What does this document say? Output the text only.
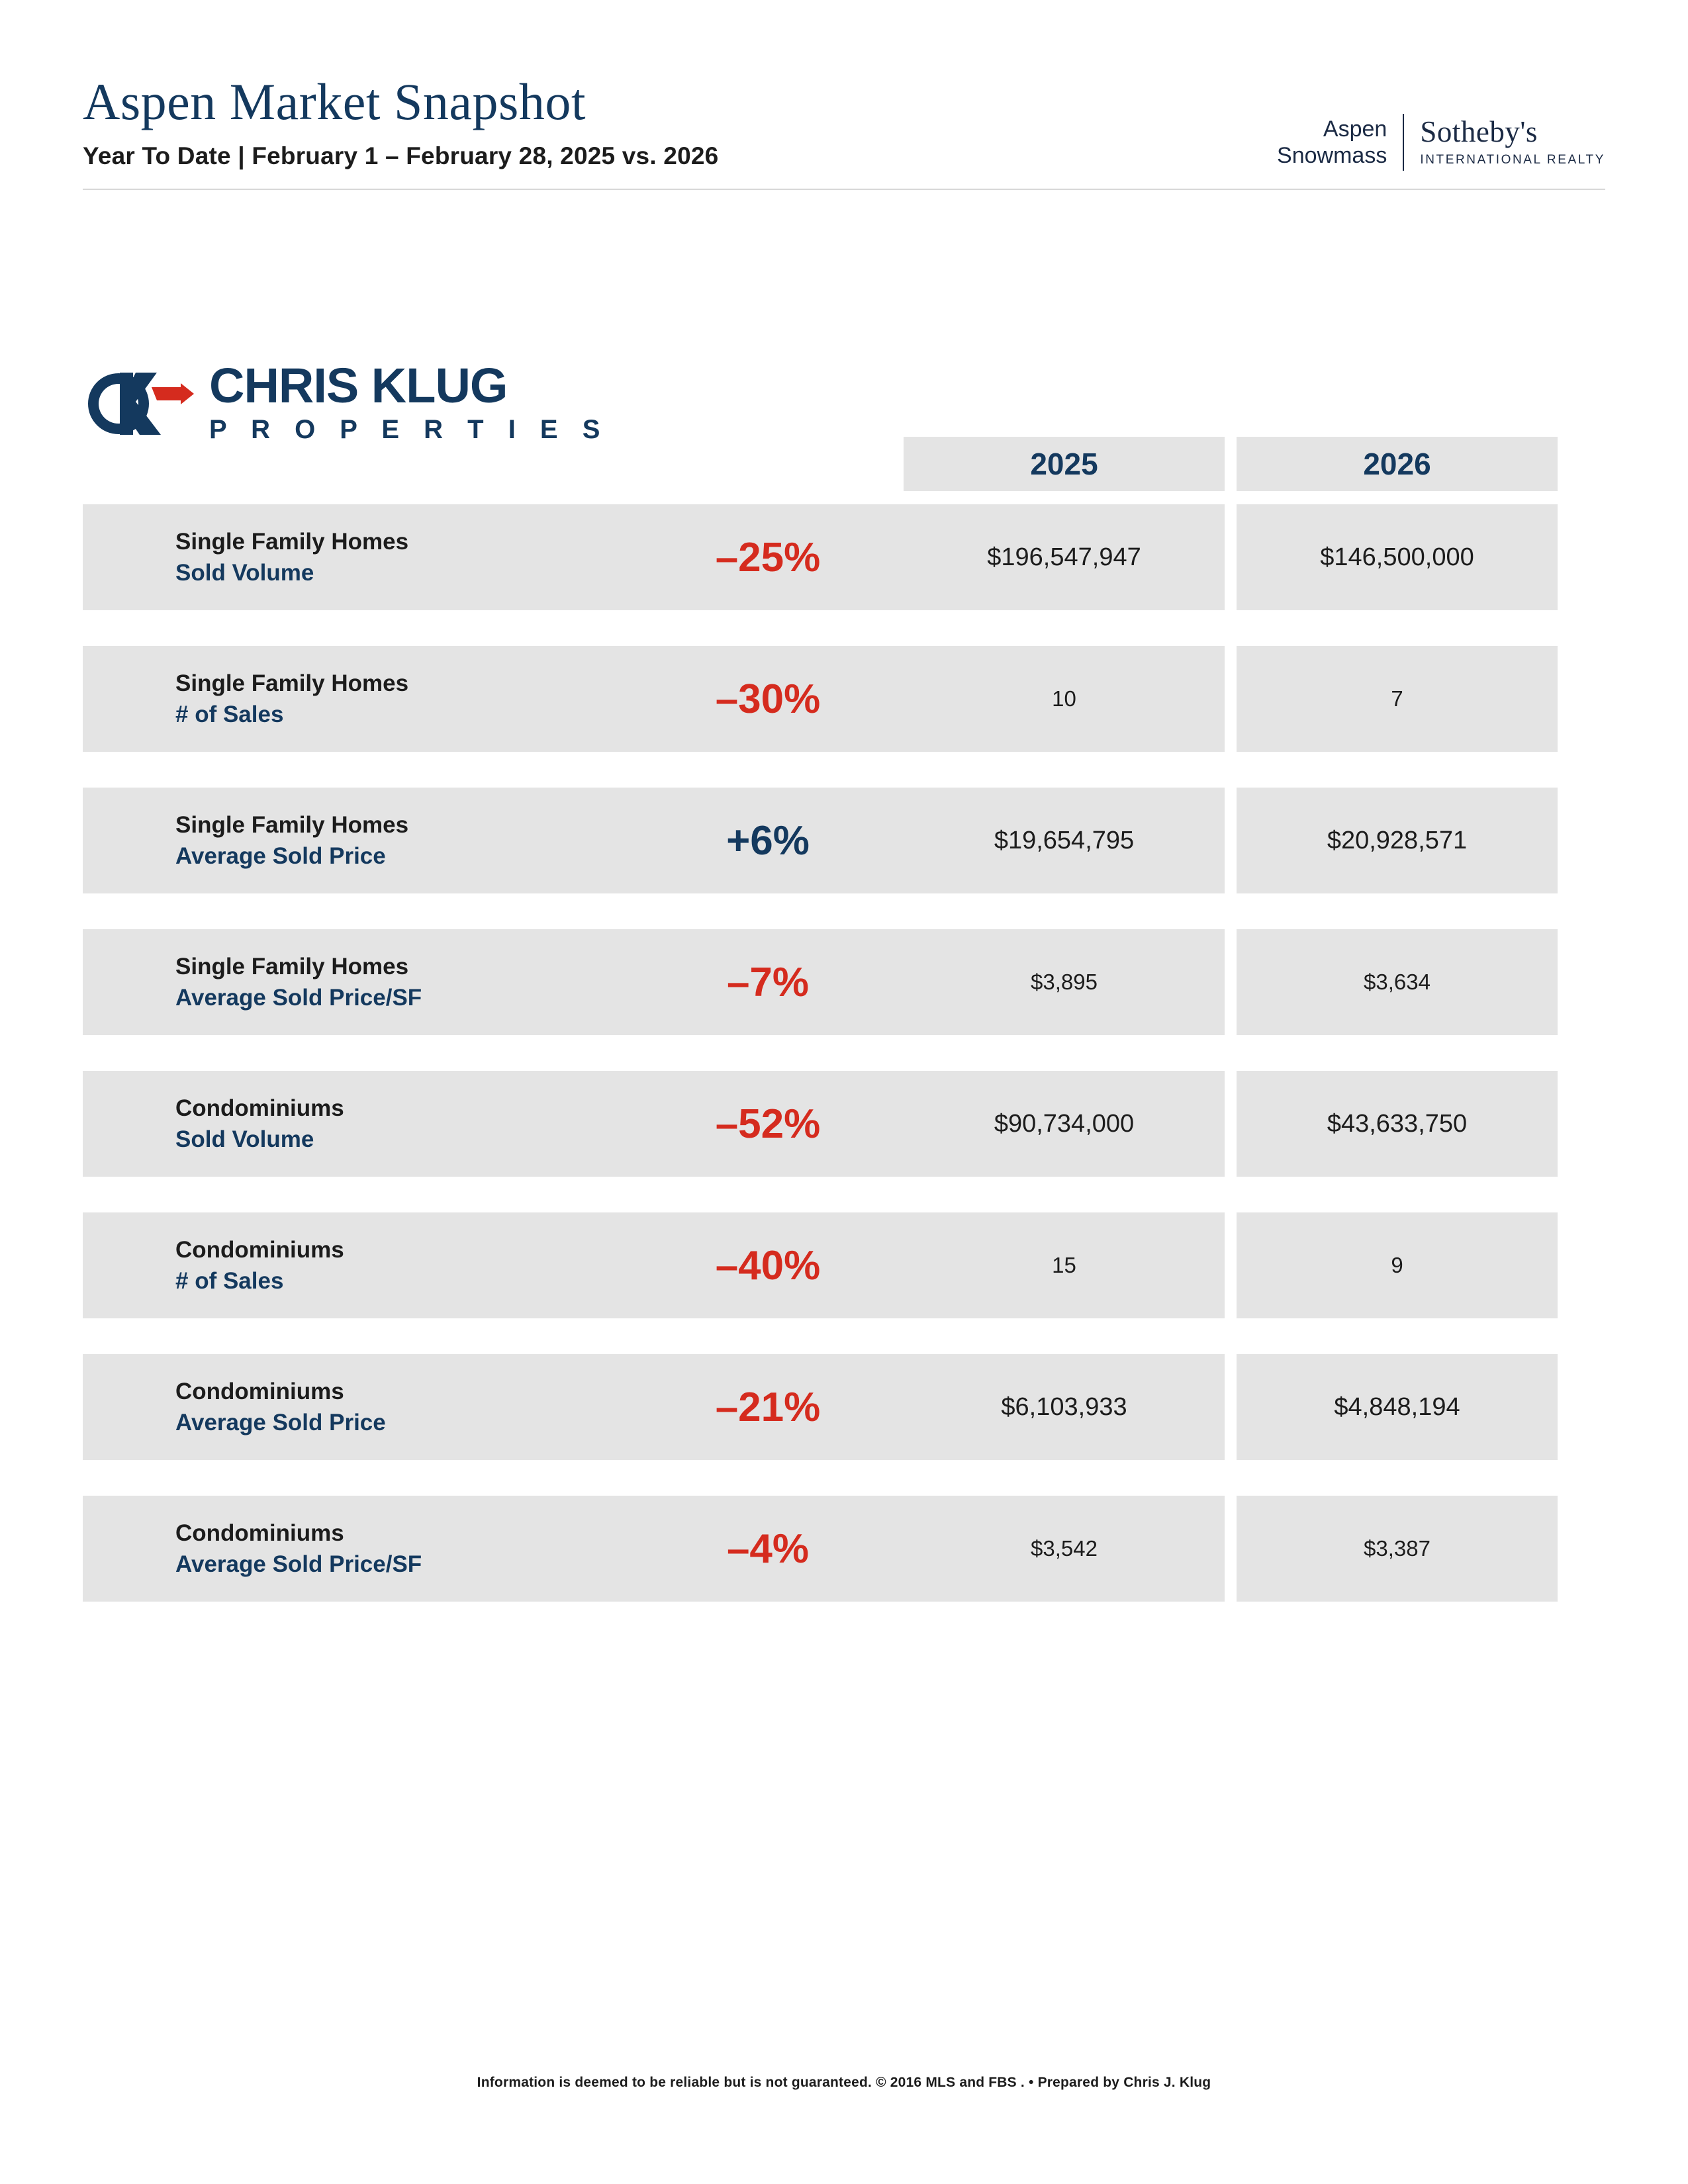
Aspen Market Snapshot
Year To Date | February 1 – February 28, 2025 vs. 2026
Aspen
Snowmass
Sotheby's
INTERNATIONAL REALTY
CHRIS KLUG
P R O P E R T I E S
2025	2026
Single Family Homes
Sold Volume	–25%	$196,547,947	$146,500,000
Single Family Homes
# of Sales	–30%	10	7
Single Family Homes
Average Sold Price	+6%	$19,654,795	$20,928,571
Single Family Homes
Average Sold Price/SF	–7%	$3,895	$3,634
Condominiums
Sold Volume	–52%	$90,734,000	$43,633,750
Condominiums
# of Sales	–40%	15	9
Condominiums
Average Sold Price	–21%	$6,103,933	$4,848,194
Condominiums
Average Sold Price/SF	–4%	$3,542	$3,387
Information is deemed to be reliable but is not guaranteed. © 2016 MLS and FBS . • Prepared by Chris J. Klug
